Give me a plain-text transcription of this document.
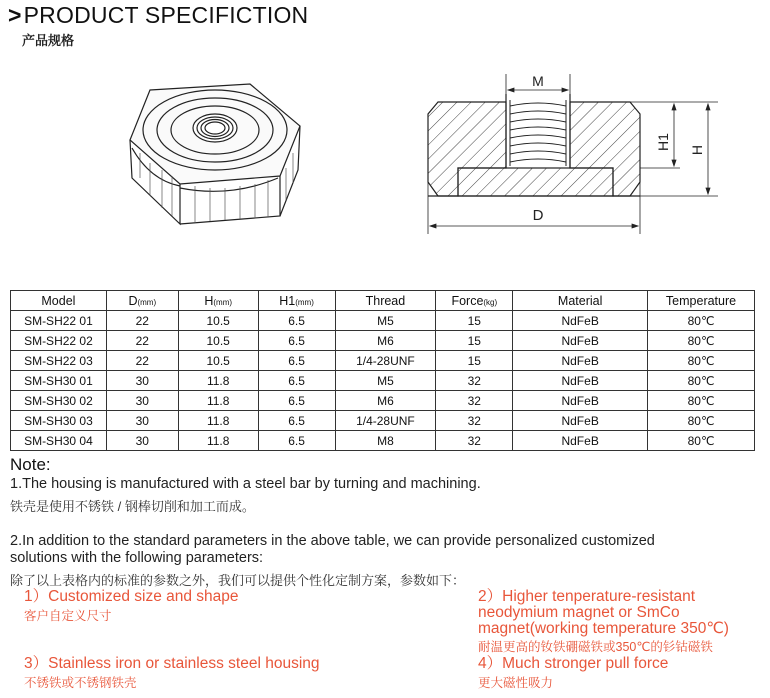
>PRODUCT SPECIFICTION
产品规格
M
H1 H
D
Model	D(mm)	H(mm)	H1(mm)	Thread	Force(kg)	Material	Temperature
SM-SH22 01	22	10.5	6.5	M5	15	NdFeB	80℃
SM-SH22 02	22	10.5	6.5	M6	15	NdFeB	80℃
SM-SH22 03	22	10.5	6.5	1/4-28UNF	15	NdFeB	80℃
SM-SH30 01	30	11.8	6.5	M5	32	NdFeB	80℃
SM-SH30 02	30	11.8	6.5	M6	32	NdFeB	80℃
SM-SH30 03	30	11.8	6.5	1/4-28UNF	32	NdFeB	80℃
SM-SH30 04	30	11.8	6.5	M8	32	NdFeB	80℃
Note:
1.The housing is manufactured with a steel bar by turning and machining.
铁壳是使用不锈铁 / 钢棒切削和加工而成。
2.In addition to the standard parameters in the above table, we can provide personalized customized
solutions with the following parameters:
除了以上表格内的标准的参数之外，我们可以提供个性化定制方案，参数如下：
1）Customized size and shape
客户自定义尺寸
2）Higher tenperature-resistant
neodymium magnet or SmCo
magnet(working temperature 350℃)
耐温更高的钕铁硼磁铁或350℃的钐钴磁铁
3）Stainless iron or stainless steel housing
不锈铁或不锈钢铁壳
4）Much stronger pull force
更大磁性吸力
